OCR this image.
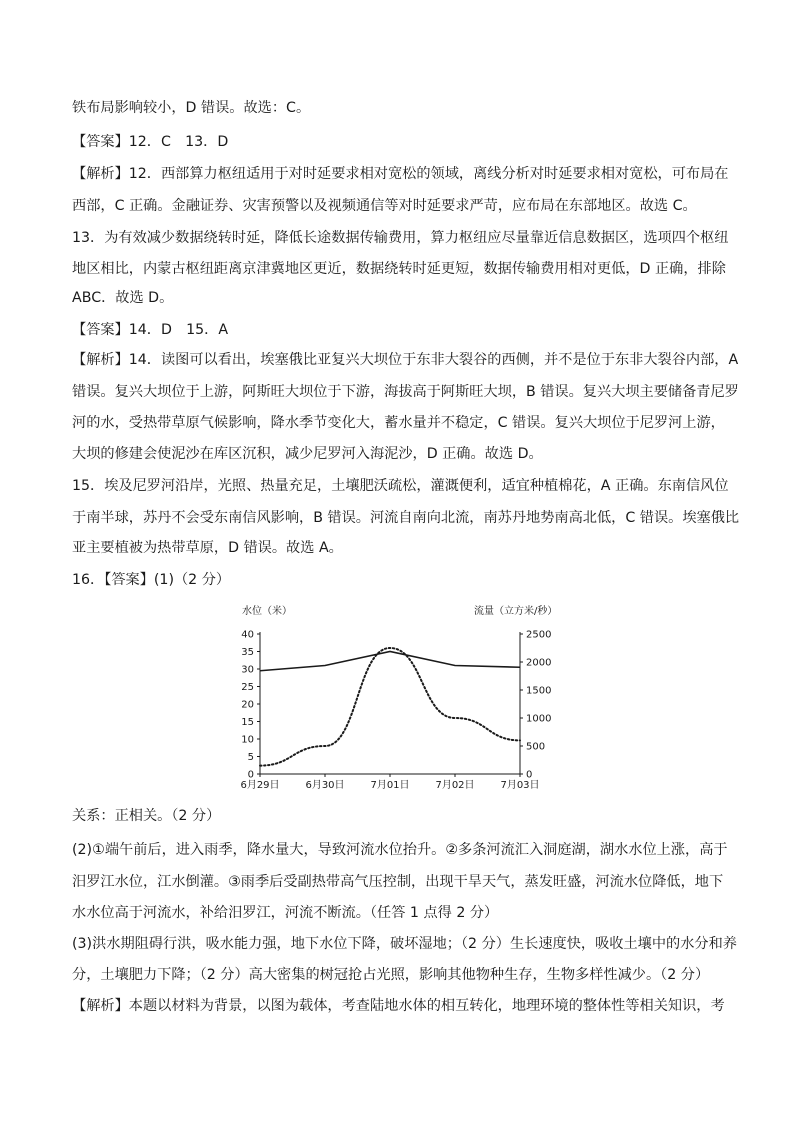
铁布局影响较小，D 错误。故选：C。
【答案】12．C　13．D
【解析】12．西部算力枢纽适用于对时延要求相对宽松的领域，离线分析对时延要求相对宽松，可布局在
西部，C 正确。金融证券、灾害预警以及视频通信等对时延要求严苛，应布局在东部地区。故选 C。
13．为有效减少数据绕转时延，降低长途数据传输费用，算力枢纽应尽量靠近信息数据区，选项四个枢纽
地区相比，内蒙古枢纽距离京津冀地区更近，数据绕转时延更短，数据传输费用相对更低，D 正确，排除
ABC．故选 D。
【答案】14．D　15．A
【解析】14．读图可以看出，埃塞俄比亚复兴大坝位于东非大裂谷的西侧，并不是位于东非大裂谷内部，A
错误。复兴大坝位于上游，阿斯旺大坝位于下游，海拔高于阿斯旺大坝，B 错误。复兴大坝主要储备青尼罗
河的水，受热带草原气候影响，降水季节变化大，蓄水量并不稳定，C 错误。复兴大坝位于尼罗河上游，
大坝的修建会使泥沙在库区沉积，减少尼罗河入海泥沙，D 正确。故选 D。
15．埃及尼罗河沿岸，光照、热量充足，土壤肥沃疏松，灌溉便利，适宜种植棉花，A 正确。东南信风位
于南半球，苏丹不会受东南信风影响，B 错误。河流自南向北流，南苏丹地势南高北低，C 错误。埃塞俄比
亚主要植被为热带草原，D 错误。故选 A。
16．【答案】(1)（2 分）
水位（米）	流量（立方米/秒）
0
5
10
15
20
25
30
35
40
0
500
1000
1500
2000
2500
6月29日	6月30日	7月01日	7月02日	7月03日
关系：正相关。（2 分）
(2)①端午前后，进入雨季，降水量大，导致河流水位抬升。②多条河流汇入洞庭湖，湖水水位上涨，高于
汨罗江水位，江水倒灌。③雨季后受副热带高气压控制，出现干旱天气，蒸发旺盛，河流水位降低，地下
水水位高于河流水，补给汨罗江，河流不断流。（任答 1 点得 2 分）
(3)洪水期阻碍行洪，吸水能力强，地下水位下降，破坏湿地；（2 分）生长速度快，吸收土壤中的水分和养
分，土壤肥力下降；（2 分）高大密集的树冠抢占光照，影响其他物种生存，生物多样性减少。（2 分）
【解析】本题以材料为背景，以图为载体，考查陆地水体的相互转化，地理环境的整体性等相关知识，考
